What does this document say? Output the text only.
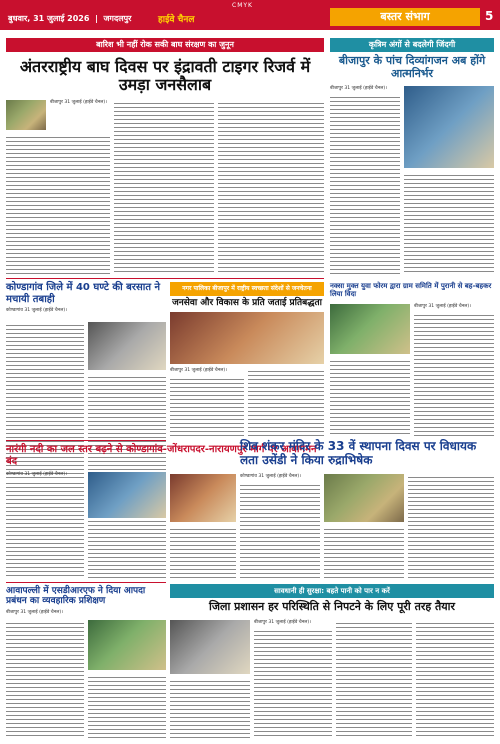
CMYK
बुधवार, 31 जुलाई 2026  |  जगदलपुर	हाईवे चैनल	बस्तर संभाग	5
बारिश भी नहीं रोक सकी बाघ संरक्षण का जुनून
अंतरराष्ट्रीय बाघ दिवस पर इंद्रावती टाइगर रिजर्व में उमड़ा जनसैलाब
बीजापुर 31 जुलाई (हाईवे चैनल)।
कृत्रिम अंगों से बदलेगी जिंदगी
बीजापुर के पांच दिव्यांगजन अब होंगे आत्मनिर्भर
बीजापुर 31 जुलाई (हाईवे चैनल)।
कोण्डागांव जिले में 40 घण्टे की बरसात ने मचायी तबाही
कोण्डागांव 31 जुलाई (हाईवे चैनल)।
नगर पालिका बीजापुर में राष्ट्रीय स्वच्छता संदेशों से जनचेतना
जनसेवा और विकास के प्रति जताई प्रतिबद्धता
बीजापुर 31 जुलाई (हाईवे चैनल)।
नक्सा मुक्त युवा फोरम द्वारा ग्राम समिति में पुरानी से बह-बहकर लिया विदा
बीजापुर 31 जुलाई (हाईवे चैनल)।
नारंगी नदी का जल स्तर बढ़ने से कोण्डागांव-जोंधरापदर-नारायणपुर मार्ग पर आवागमन बंद
कोण्डागांव 31 जुलाई (हाईवे चैनल)।
शिव शंकर मंदिर के 33 वें स्थापना दिवस पर विधायक लता उसेंडी ने किया रुद्राभिषेक
कोण्डागांव 31 जुलाई (हाईवे चैनल)।
आवापल्ली में एसडीआरएफ ने दिया आपदा प्रबंधन का व्यवहारिक प्रशिक्षण
बीजापुर 31 जुलाई (हाईवे चैनल)।
सावधानी ही सुरक्षा: बहते पानी को पार न करें
जिला प्रशासन हर परिस्थिति से निपटने के लिए पूरी तरह तैयार
बीजापुर 31 जुलाई (हाईवे चैनल)।
